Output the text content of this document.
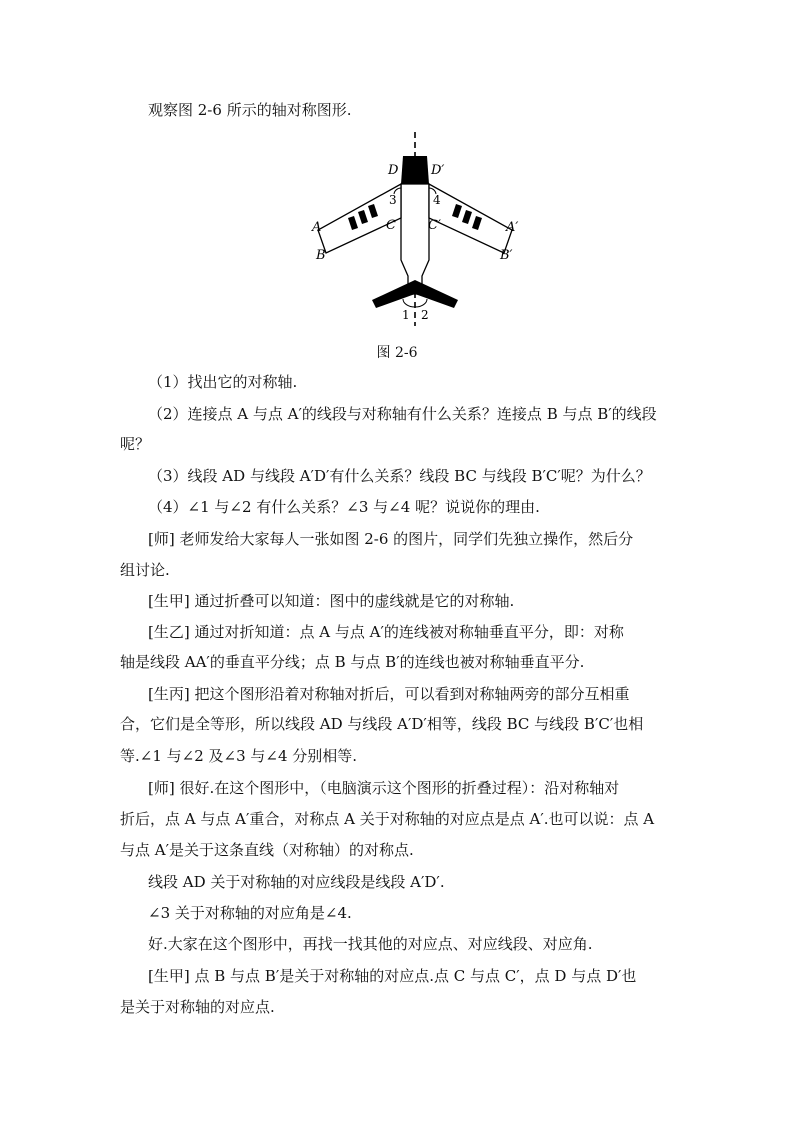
观察图 2-6 所示的轴对称图形.
D	D′
3	4
C C′
A	A′
B	B′
1 2
图 2-6
（1）找出它的对称轴.
（2）连接点 A 与点 A′的线段与对称轴有什么关系？连接点 B 与点 B′的线段
呢？
（3）线段 AD 与线段 A′D′有什么关系？线段 BC 与线段 B′C′呢？为什么？
（4）∠1 与∠2 有什么关系？∠3 与∠4 呢？说说你的理由.
[师] 老师发给大家每人一张如图 2-6 的图片，同学们先独立操作，然后分
组讨论.
[生甲] 通过折叠可以知道：图中的虚线就是它的对称轴.
[生乙] 通过对折知道：点 A 与点 A′的连线被对称轴垂直平分，即：对称
轴是线段 AA′的垂直平分线；点 B 与点 B′的连线也被对称轴垂直平分.
[生丙] 把这个图形沿着对称轴对折后，可以看到对称轴两旁的部分互相重
合，它们是全等形，所以线段 AD 与线段 A′D′相等，线段 BC 与线段 B′C′也相
等.∠1 与∠2 及∠3 与∠4 分别相等.
[师] 很好.在这个图形中，（电脑演示这个图形的折叠过程）：沿对称轴对
折后，点 A 与点 A′重合，对称点 A 关于对称轴的对应点是点 A′.也可以说：点 A
与点 A′是关于这条直线（对称轴）的对称点.
线段 AD 关于对称轴的对应线段是线段 A′D′.
∠3 关于对称轴的对应角是∠4.
好.大家在这个图形中，再找一找其他的对应点、对应线段、对应角.
[生甲] 点 B 与点 B′是关于对称轴的对应点.点 C 与点 C′，点 D 与点 D′也
是关于对称轴的对应点.
